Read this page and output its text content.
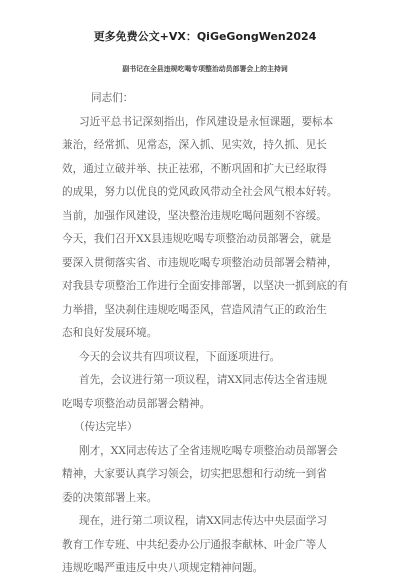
更多免费公文+VX：QiGeGongWen2024
副书记在全县违规吃喝专项整治动员部署会上的主持词
同志们：
习近平总书记深刻指出，作风建设是永恒课题，要标本
兼治，经常抓、见常态，深入抓、见实效，持久抓、见长
效，通过立破并举、扶正祛邪，不断巩固和扩大已经取得
的成果，努力以优良的党风政风带动全社会风气根本好转。
当前，加强作风建设，坚决整治违规吃喝问题刻不容缓。
今天，我们召开XX县违规吃喝专项整治动员部署会，就是
要深入贯彻落实省、市违规吃喝专项整治动员部署会精神，
对我县专项整治工作进行全面安排部署，以坚决一抓到底的有
力举措，坚决刹住违规吃喝歪风，营造风清气正的政治生
态和良好发展环境。
今天的会议共有四项议程，下面逐项进行。
首先，会议进行第一项议程，请XX同志传达全省违规
吃喝专项整治动员部署会精神。
（传达完毕）
刚才，XX同志传达了全省违规吃喝专项整治动员部署会
精神，大家要认真学习领会，切实把思想和行动统一到省
委的决策部署上来。
现在，进行第二项议程，请XX同志传达中央层面学习
教育工作专班、中共纪委办公厅通报李献林、叶金广等人
违规吃喝严重违反中央八项规定精神问题。
